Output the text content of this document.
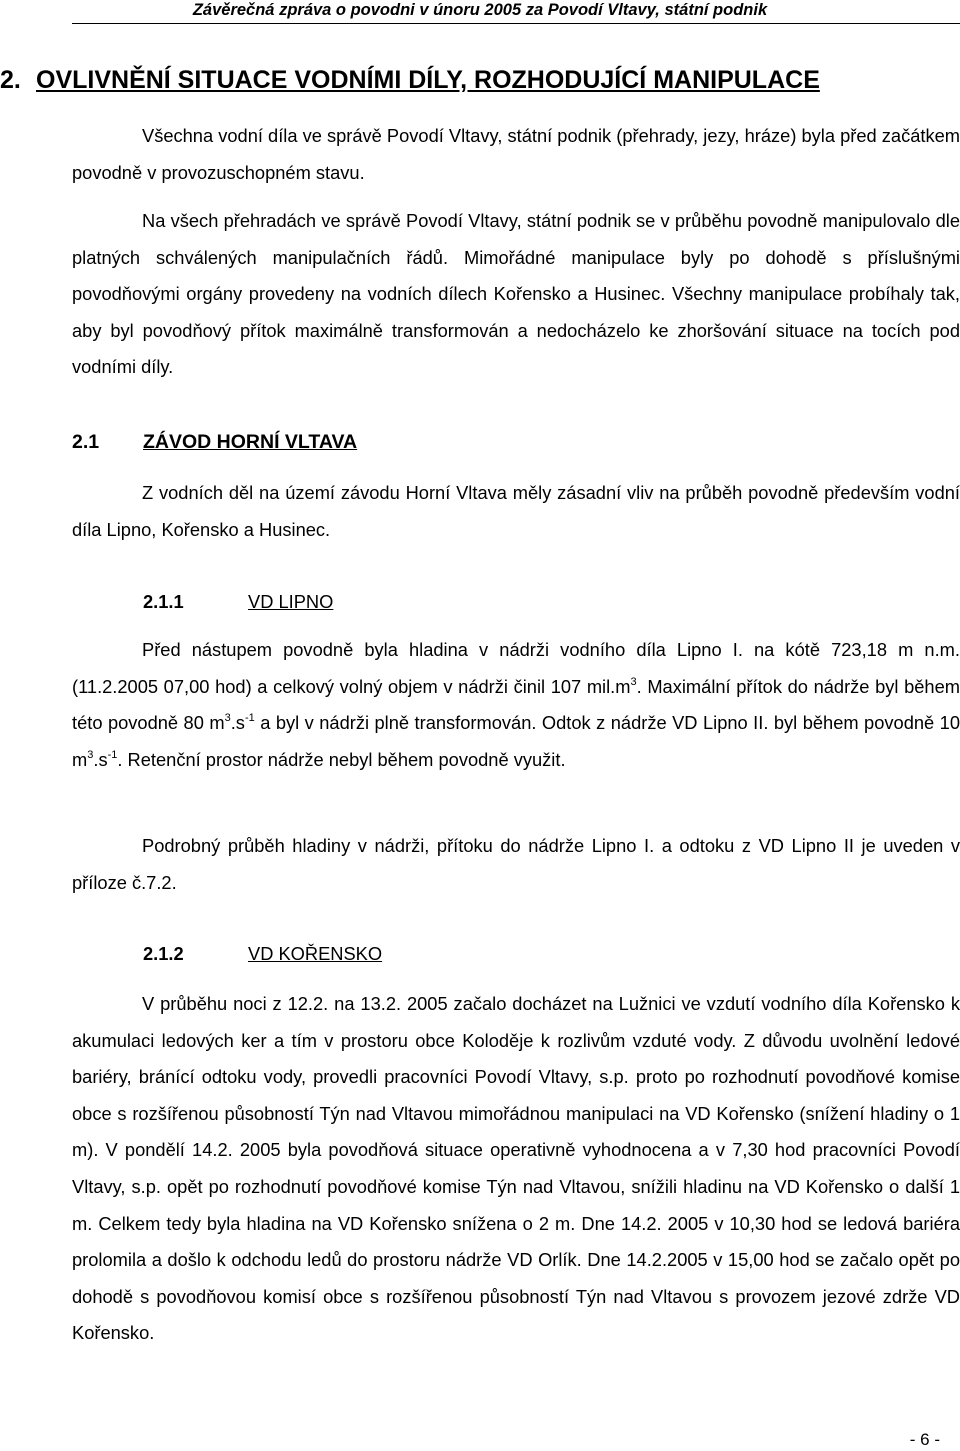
Závěrečná zpráva o povodni v únoru 2005 za Povodí Vltavy, státní podnik
2. OVLIVNĚNÍ SITUACE VODNÍMI DÍLY, ROZHODUJÍCÍ MANIPULACE

Všechna vodní díla ve správě Povodí Vltavy, státní podnik (přehrady, jezy, hráze) byla před začátkem povodně v provozuschopném stavu.

Na všech přehradách ve správě Povodí Vltavy, státní podnik se v průběhu povodně manipulovalo dle platných schválených manipulačních řádů. Mimořádné manipulace byly po dohodě s příslušnými povodňovými orgány provedeny na vodních dílech Kořensko a Husinec. Všechny manipulace probíhaly tak, aby byl povodňový přítok maximálně transformován a nedocházelo ke zhoršování situace na tocích pod vodními díly.

2.1 ZÁVOD HORNÍ VLTAVA

Z vodních děl na území závodu Horní Vltava měly zásadní vliv na průběh povodně především vodní díla Lipno, Kořensko a Husinec.

2.1.1	VD LIPNO

Před nástupem povodně byla hladina v nádrži vodního díla Lipno I. na kótě 723,18 m n.m. (11.2.2005 07,00 hod) a celkový volný objem v nádrži činil 107 $mil.m^3$. Maximální přítok do nádrže byl během této povodně 80 $m^3.s^{-1}$ a byl v nádrži plně transformován. Odtok z nádrže VD Lipno II. byl během povodně 10 $m^3.s^{-1}$. Retenční prostor nádrže nebyl během povodně využit.

Podrobný průběh hladiny v nádrži, přítoku do nádrže Lipno I. a odtoku z VD Lipno II je uveden v příloze č.7.2.

2.1.2	VD KOŘENSKO

V průběhu noci z 12.2. na 13.2. 2005 začalo docházet na Lužnici ve vzdutí vodního díla Kořensko k akumulaci ledových ker a tím v prostoru obce Koloděje k rozlivům vzduté vody. Z důvodu uvolnění ledové bariéry, bránící odtoku vody, provedli pracovníci Povodí Vltavy, s.p. proto po rozhodnutí povodňové komise obce s rozšířenou působností Týn nad Vltavou mimořádnou manipulaci na VD Kořensko (snížení hladiny o 1 m). V pondělí 14.2. 2005 byla povodňová situace operativně vyhodnocena a v 7,30 hod pracovníci Povodí Vltavy, s.p. opět po rozhodnutí povodňové komise Týn nad Vltavou, snížili hladinu na VD Kořensko o další 1 m. Celkem tedy byla hladina na VD Kořensko snížena o 2 m. Dne 14.2. 2005 v 10,30 hod se ledová bariéra prolomila a došlo k odchodu ledů do prostoru nádrže VD Orlík. Dne 14.2.2005 v 15,00 hod se začalo opět po dohodě s povodňovou komisí obce s rozšířenou působností Týn nad Vltavou s provozem jezové zdrže VD Kořensko.

- 6 -
